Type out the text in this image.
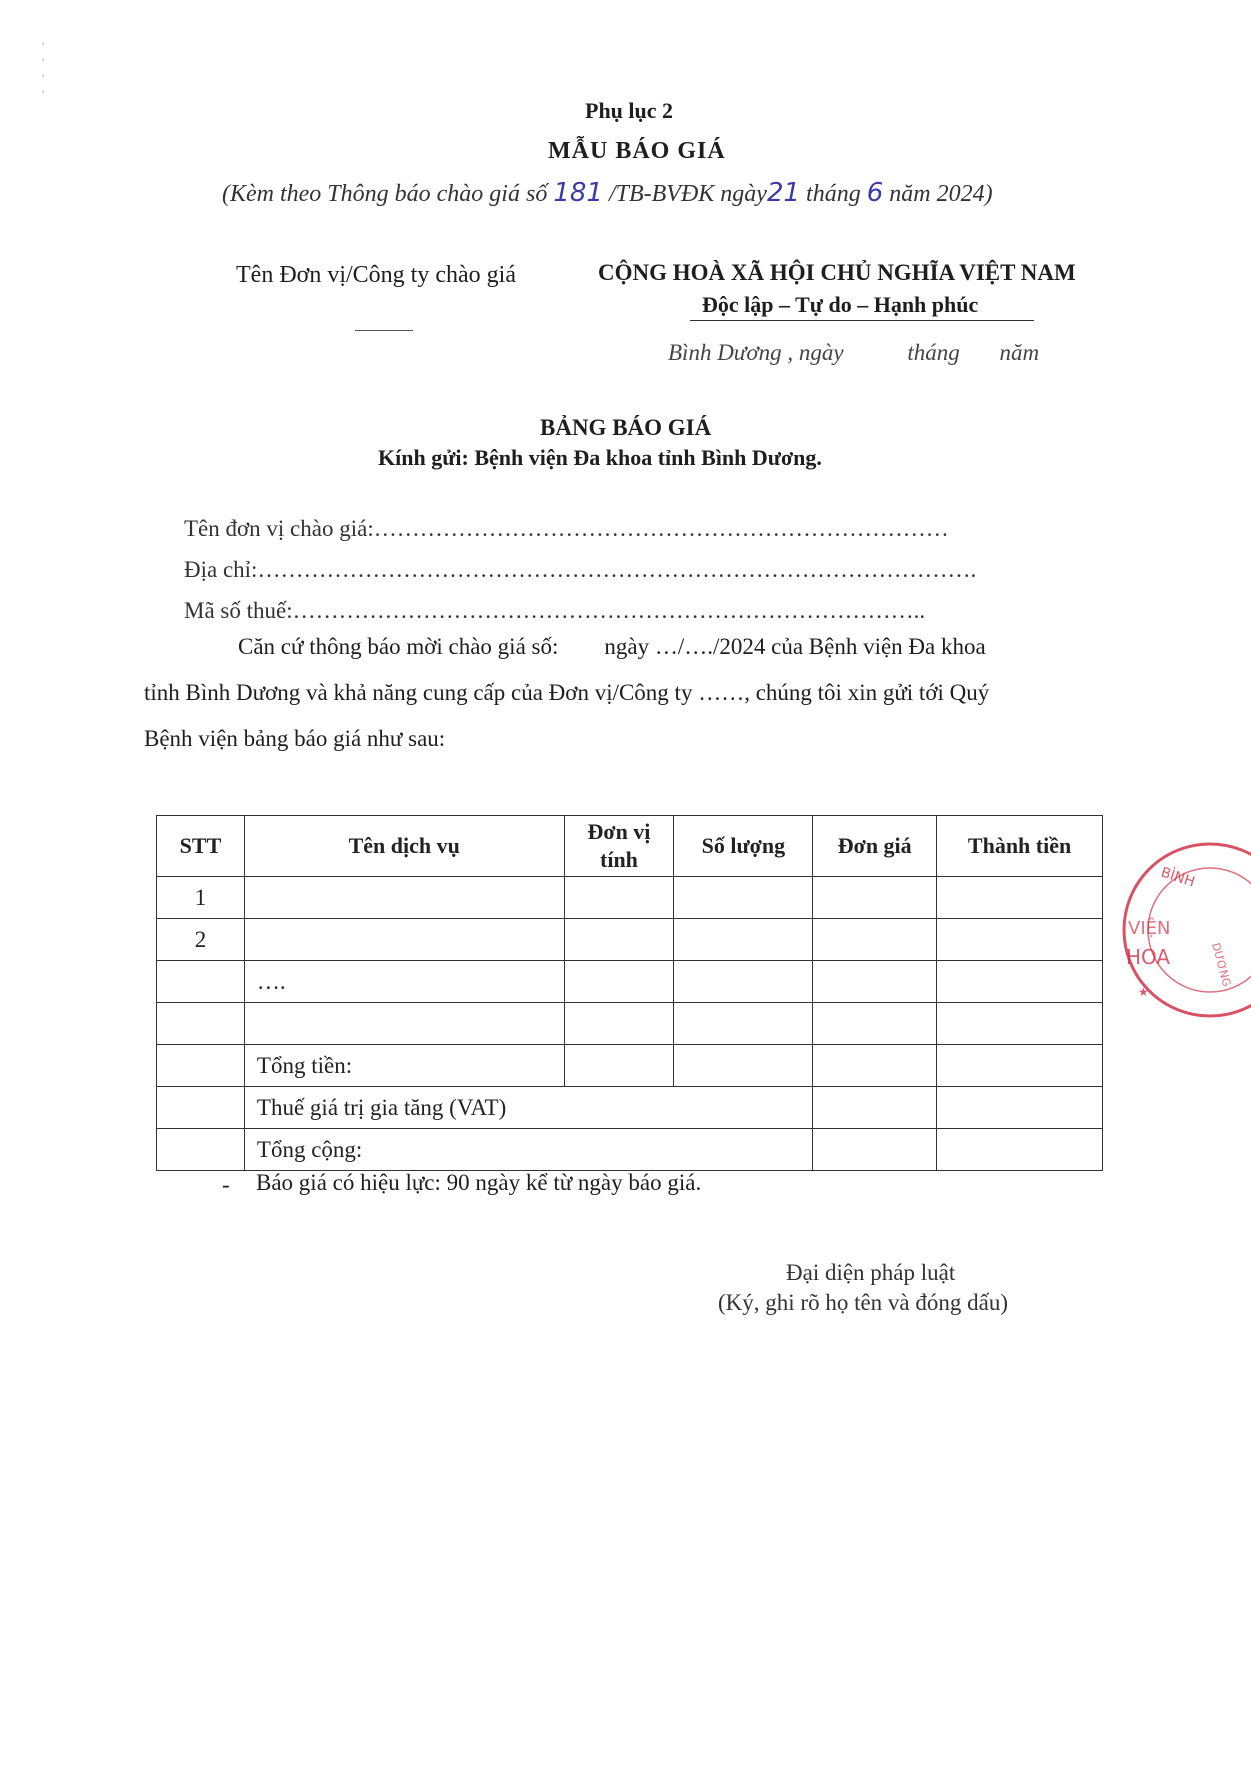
Phụ lục 2
MẪU BÁO GIÁ
(Kèm theo Thông báo chào giá số 181 /TB-BVĐK ngày21 tháng 6 năm 2024)
Tên Đơn vị/Công ty chào giá	CỘNG HOÀ XÃ HỘI CHỦ NGHĨA VIỆT NAM
Độc lập – Tự do – Hạnh phúc
Bình Dương , ngày	tháng năm
BẢNG BÁO GIÁ
Kính gửi: Bệnh viện Đa khoa tỉnh Bình Dương.
Tên đơn vị chào giá:…………………………………………………………………
Địa chỉ:………………………………………………………………………………….
Mã số thuế:………………………………………………………………………..
Căn cứ thông báo mời chào giá số:        ngày …/…./2024 của Bệnh viện Đa khoa
tỉnh Bình Dương và khả năng cung cấp của Đơn vị/Công ty ……, chúng tôi xin gửi tới Quý
Bệnh viện bảng báo giá như sau:
STT	Tên dịch vụ	Đơn vị tính	Số lượng	Đơn giá	Thành tiền
1					
2					
	….				

	Tổng tiền:				
	Thuế giá trị gia tăng (VAT)				
	Tổng cộng:				
BÌNH
VIỆN
HOA	DƯƠNG
★
- Báo giá có hiệu lực: 90 ngày kể từ ngày báo giá.
Đại diện pháp luật
(Ký, ghi rõ họ tên và đóng dấu)
